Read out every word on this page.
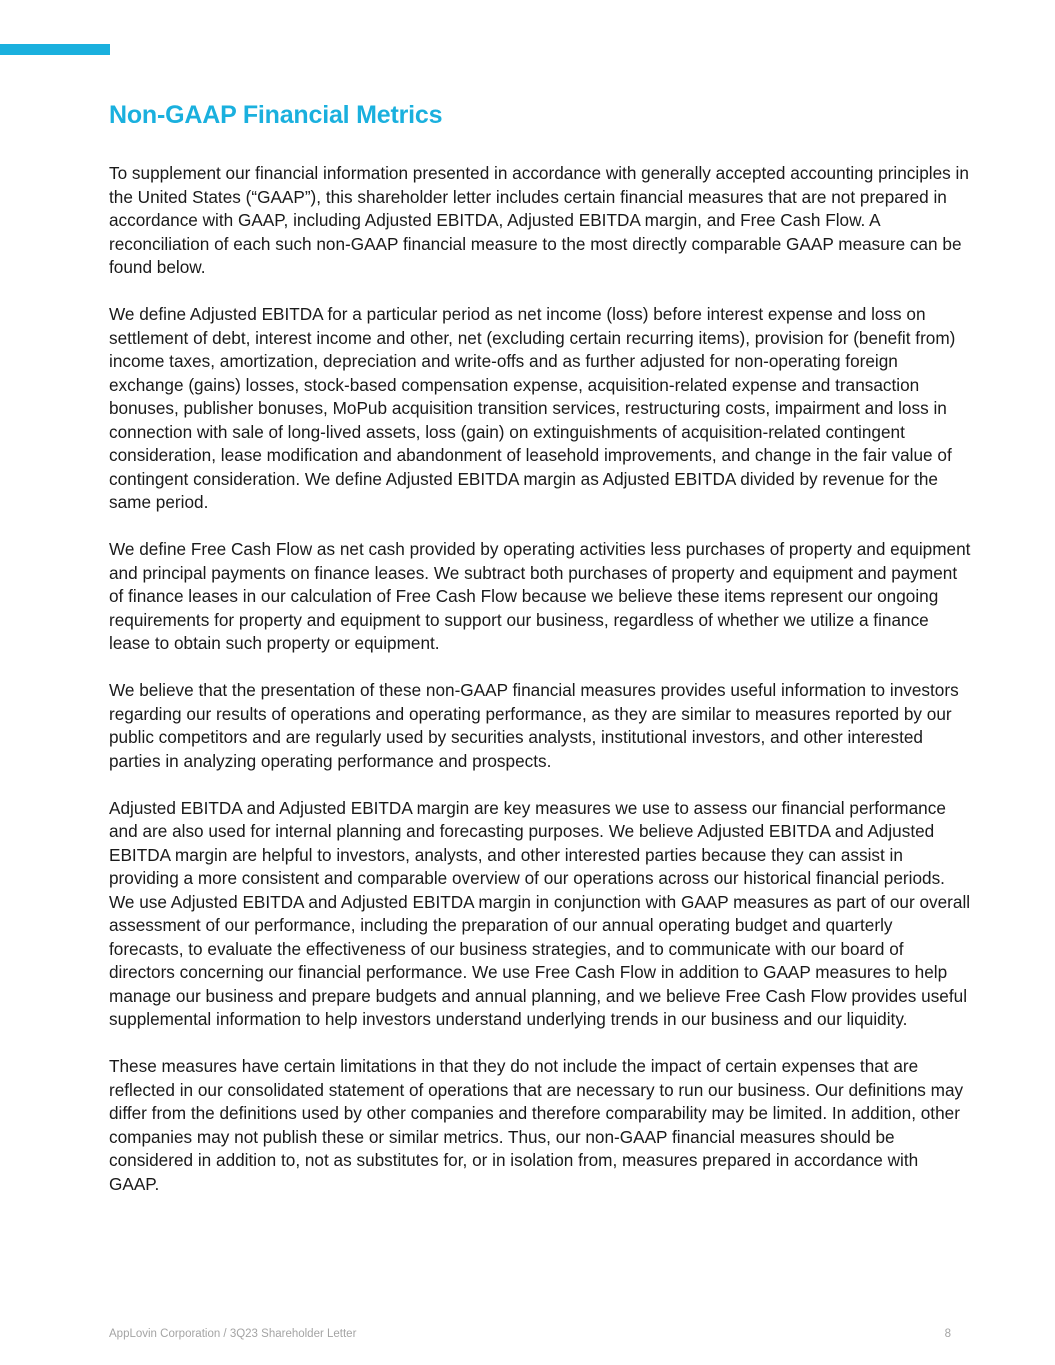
Non-GAAP Financial Metrics

To supplement our financial information presented in accordance with generally accepted accounting principles in the United States (“GAAP”), this shareholder letter includes certain financial measures that are not prepared in accordance with GAAP, including Adjusted EBITDA, Adjusted EBITDA margin, and Free Cash Flow. A reconciliation of each such non-GAAP financial measure to the most directly comparable GAAP measure can be found below.

We define Adjusted EBITDA for a particular period as net income (loss) before interest expense and loss on settlement of debt, interest income and other, net (excluding certain recurring items), provision for (benefit from) income taxes, amortization, depreciation and write-offs and as further adjusted for non-operating foreign exchange (gains) losses, stock-based compensation expense, acquisition-related expense and transaction bonuses, publisher bonuses, MoPub acquisition transition services, restructuring costs, impairment and loss in connection with sale of long-lived assets, loss (gain) on extinguishments of acquisition-related contingent consideration, lease modification and abandonment of leasehold improvements, and change in the fair value of contingent consideration. We define Adjusted EBITDA margin as Adjusted EBITDA divided by revenue for the same period.

We define Free Cash Flow as net cash provided by operating activities less purchases of property and equipment and principal payments on finance leases. We subtract both purchases of property and equipment and payment of finance leases in our calculation of Free Cash Flow because we believe these items represent our ongoing requirements for property and equipment to support our business, regardless of whether we utilize a finance lease to obtain such property or equipment.

We believe that the presentation of these non-GAAP financial measures provides useful information to investors regarding our results of operations and operating performance, as they are similar to measures reported by our public competitors and are regularly used by securities analysts, institutional investors, and other interested parties in analyzing operating performance and prospects.

Adjusted EBITDA and Adjusted EBITDA margin are key measures we use to assess our financial performance and are also used for internal planning and forecasting purposes. We believe Adjusted EBITDA and Adjusted EBITDA margin are helpful to investors, analysts, and other interested parties because they can assist in providing a more consistent and comparable overview of our operations across our historical financial periods. We use Adjusted EBITDA and Adjusted EBITDA margin in conjunction with GAAP measures as part of our overall assessment of our performance, including the preparation of our annual operating budget and quarterly forecasts, to evaluate the effectiveness of our business strategies, and to communicate with our board of directors concerning our financial performance. We use Free Cash Flow in addition to GAAP measures to help manage our business and prepare budgets and annual planning, and we believe Free Cash Flow provides useful supplemental information to help investors understand underlying trends in our business and our liquidity.

These measures have certain limitations in that they do not include the impact of certain expenses that are reflected in our consolidated statement of operations that are necessary to run our business. Our definitions may differ from the definitions used by other companies and therefore comparability may be limited. In addition, other companies may not publish these or similar metrics. Thus, our non-GAAP financial measures should be considered in addition to, not as substitutes for, or in isolation from, measures prepared in accordance with GAAP.

AppLovin Corporation / 3Q23 Shareholder Letter	8
